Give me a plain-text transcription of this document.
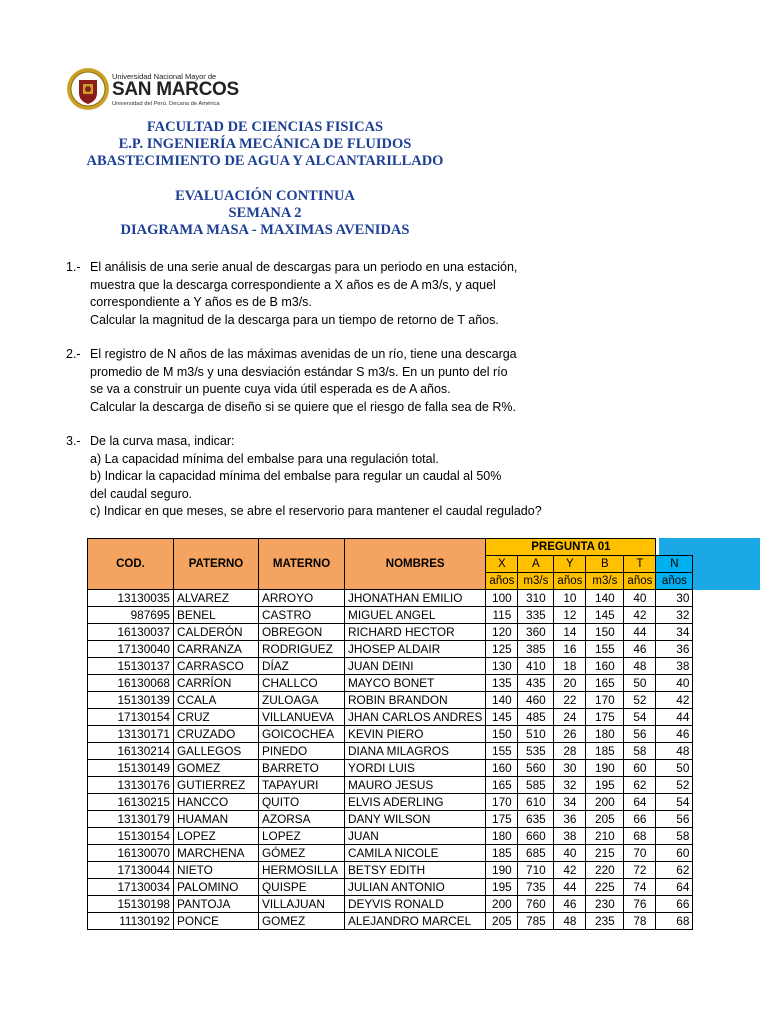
Universidad Nacional Mayor de
SAN MARCOS
Universidad del Perú. Decana de América
FACULTAD DE CIENCIAS FISICAS
E.P. INGENIERÍA MECÁNICA DE FLUIDOS
ABASTECIMIENTO DE AGUA Y ALCANTARILLADO
EVALUACIÓN CONTINUA
SEMANA 2
DIAGRAMA MASA - MAXIMAS AVENIDAS
1.- El análisis de una serie anual de descargas para un periodo en una estación,
muestra que la descarga correspondiente a X años es de A m3/s, y aquel
correspondiente a Y años es de B m3/s.
Calcular la magnitud de la descarga para un tiempo de retorno de T años.
2.- El registro de N años de las máximas avenidas de un río, tiene una descarga
promedio de M m3/s y una desviación estándar S m3/s. En un punto del río
se va a construir un puente cuya vida útil esperada es de A años.
Calcular la descarga de diseño si se quiere que el riesgo de falla sea de R%.
3.- De la curva masa, indicar:
a) La capacidad mínima del embalse para una regulación total.
b) Indicar la capacidad mínima del embalse para regular un caudal al 50%
del caudal seguro.
c) Indicar en que meses, se abre el reservorio para mantener el caudal regulado?
COD.	PATERNO	MATERNO	NOMBRES	PREGUNTA 01					
				X	A	Y	B	T	N
				años	m3/s	años	m3/s	años	años
13130035	ALVAREZ	ARROYO	JHONATHAN EMILIO	100	310	10	140	40	30
987695	BENEL	CASTRO	MIGUEL ANGEL	115	335	12	145	42	32
16130037	CALDERÓN	OBREGON	RICHARD HECTOR	120	360	14	150	44	34
17130040	CARRANZA	RODRIGUEZ	JHOSEP ALDAIR	125	385	16	155	46	36
15130137	CARRASCO	DÍAZ	JUAN DEINI	130	410	18	160	48	38
16130068	CARRÍON	CHALLCO	MAYCO BONET	135	435	20	165	50	40
15130139	CCALA	ZULOAGA	ROBIN BRANDON	140	460	22	170	52	42
17130154	CRUZ	VILLANUEVA	JHAN CARLOS ANDRES	145	485	24	175	54	44
13130171	CRUZADO	GOICOCHEA	KEVIN PIERO	150	510	26	180	56	46
16130214	GALLEGOS	PINEDO	DIANA MILAGROS	155	535	28	185	58	48
15130149	GOMEZ	BARRETO	YORDI LUIS	160	560	30	190	60	50
13130176	GUTIERREZ	TAPAYURI	MAURO JESUS	165	585	32	195	62	52
16130215	HANCCO	QUITO	ELVIS ADERLING	170	610	34	200	64	54
13130179	HUAMAN	AZORSA	DANY WILSON	175	635	36	205	66	56
15130154	LOPEZ	LOPEZ	JUAN	180	660	38	210	68	58
16130070	MARCHENA	GÓMEZ	CAMILA NICOLE	185	685	40	215	70	60
17130044	NIETO	HERMOSILLA	BETSY EDITH	190	710	42	220	72	62
17130034	PALOMINO	QUISPE	JULIAN ANTONIO	195	735	44	225	74	64
15130198	PANTOJA	VILLAJUAN	DEYVIS RONALD	200	760	46	230	76	66
11130192	PONCE	GOMEZ	ALEJANDRO MARCEL	205	785	48	235	78	68
